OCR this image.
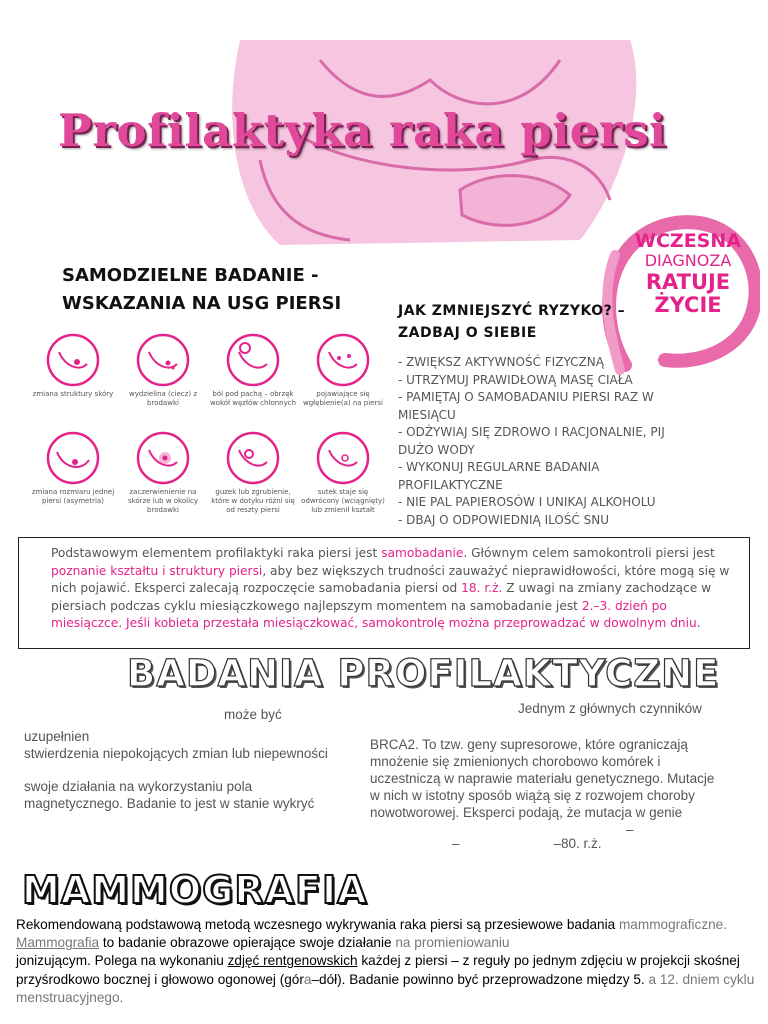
Profilaktyka raka piersi
WCZESNA
DIAGNOZA
RATUJE
ŻYCIE
SAMODZIELNE BADANIE - WSKAZANIA NA USG PIERSI
zmiana struktury skóry	wydzielina (ciecz) z brodawki
ból pod pachą – obrzęk wokół węzłów chłonnych
pojawiające się wgłębienie(a) na piersi
zmiana rozmiaru jednej piersi (asymetria)
zaczerwienienie na skórze lub w okolicy brodawki
guzek lub zgrubienie, które w dotyku różni się od reszty piersi
sutek staje się odwrócony (wciągnięty) lub zmienił kształt
JAK ZMNIEJSZYĆ RYZYKO? – ZADBAJ O SIEBIE
- ZWIĘKSZ AKTYWNOŚĆ FIZYCZNĄ
- UTRZYMUJ PRAWIDŁOWĄ MASĘ CIAŁA
- PAMIĘTAJ O SAMOBADANIU PIERSI RAZ W MIESIĄCU
- ODŻYWIAJ SIĘ ZDROWO I RACJONALNIE, PIJ DUŻO WODY
- WYKONUJ REGULARNE BADANIA PROFILAKTYCZNE
- NIE PAL PAPIEROSÓW I UNIKAJ ALKOHOLU
- DBAJ O ODPOWIEDNIĄ ILOŚĆ SNU

Podstawowym elementem profilaktyki raka piersi jest samobadanie. Głównym celem samokontroli piersi jest poznanie kształtu i struktury piersi, aby bez większych trudności zauważyć nieprawidłowości, które mogą się w nich pojawić. Eksperci zalecają rozpoczęcie samobadania piersi od 18. r.ż. Z uwagi na zmiany zachodzące w piersiach podczas cyklu miesiączkowego najlepszym momentem na samobadanie jest 2.–3. dzień po miesiączce. Jeśli kobieta przestała miesiączkować, samokontrolę można przeprowadzać w dowolnym dniu.

BADANIA PROFILAKTYCZNE
może być
uzupełnien
stwierdzenia niepokojących zmian lub niepewności
swoje działania na wykorzystaniu pola
magnetycznego. Badanie to jest w stanie wykryć
Jednym z głównych czynników
BRCA2. To tzw. geny supresorowe, które ograniczają
mnożenie się zmienionych chorobowo komórek i
uczestniczą w naprawie materiału genetycznego. Mutacje
w nich w istotny sposób wiążą się z rozwojem choroby
nowotworowej. Eksperci podają, że mutacja w genie
–
–	–80. r.ż.
MAMMOGRAFIA
Rekomendowaną podstawową metodą wczesnego wykrywania raka piersi są przesiewowe badania mammograficzne. Mammografia to badanie obrazowe opierające swoje działanie na promieniowaniu
jonizującym. Polega na wykonaniu zdjęć rentgenowskich każdej z piersi – z reguły po jednym zdjęciu w projekcji skośnej przyśrodkowo bocznej i głowowo ogonowej (góra–dół). Badanie powinno być przeprowadzone między 5. a 12. dniem cyklu menstruacyjnego.
